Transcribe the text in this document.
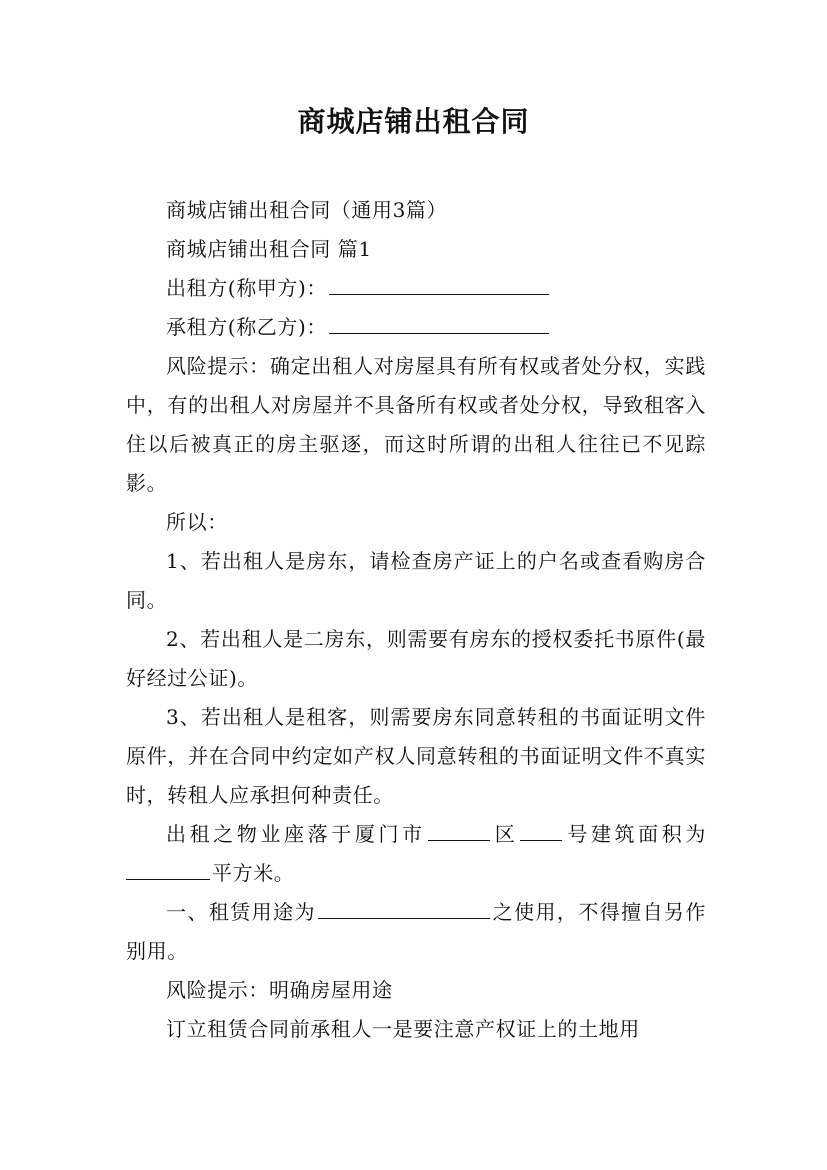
商城店铺出租合同

商城店铺出租合同（通用3篇）

商城店铺出租合同 篇1

出租方(称甲方)：

承租方(称乙方)：

风险提示：确定出租人对房屋具有所有权或者处分权，实践中，有的出租人对房屋并不具备所有权或者处分权，导致租客入住以后被真正的房主驱逐，而这时所谓的出租人往往已不见踪影。

所以：

1、若出租人是房东，请检查房产证上的户名或查看购房合同。

2、若出租人是二房东，则需要有房东的授权委托书原件(最好经过公证)。

3、若出租人是租客，则需要房东同意转租的书面证明文件原件，并在合同中约定如产权人同意转租的书面证明文件不真实时，转租人应承担何种责任。

出租之物业座落于厦门市	区 号建筑面积为平方米。

一、租赁用途为	之使用，不得擅自另作别用。

风险提示：明确房屋用途

订立租赁合同前承租人一是要注意产权证上的土地用
